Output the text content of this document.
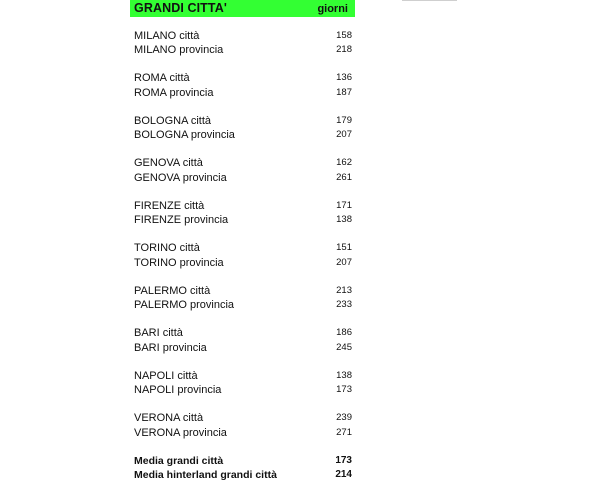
GRANDI CITTA'	giorni
MILANO città	158
MILANO provincia	218
ROMA città	136
ROMA provincia	187
BOLOGNA città	179
BOLOGNA provincia	207
GENOVA città	162
GENOVA provincia	261
FIRENZE città	171
FIRENZE provincia	138
TORINO città	151
TORINO provincia	207
PALERMO città	213
PALERMO provincia	233
BARI città	186
BARI provincia	245
NAPOLI città	138
NAPOLI provincia	173
VERONA città	239
VERONA provincia	271
Media grandi città	173
Media hinterland grandi città	214
